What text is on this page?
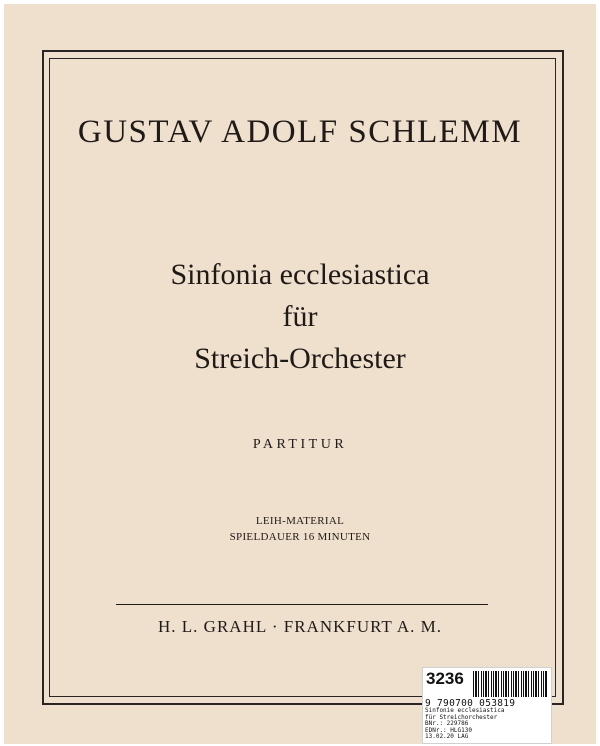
GUSTAV ADOLF SCHLEMM
Sinfonia ecclesiastica
für
Streich-Orchester
PARTITUR
LEIH-MATERIAL
SPIELDAUER 16 MINUTEN
H. L. GRAHL · FRANKFURT A. M.
3236
9 790700 053819
Sinfonie ecclesiastica
für Streichorchester
BNr.: 229786
EDNr.: HLG130
13.02.20 LAG
